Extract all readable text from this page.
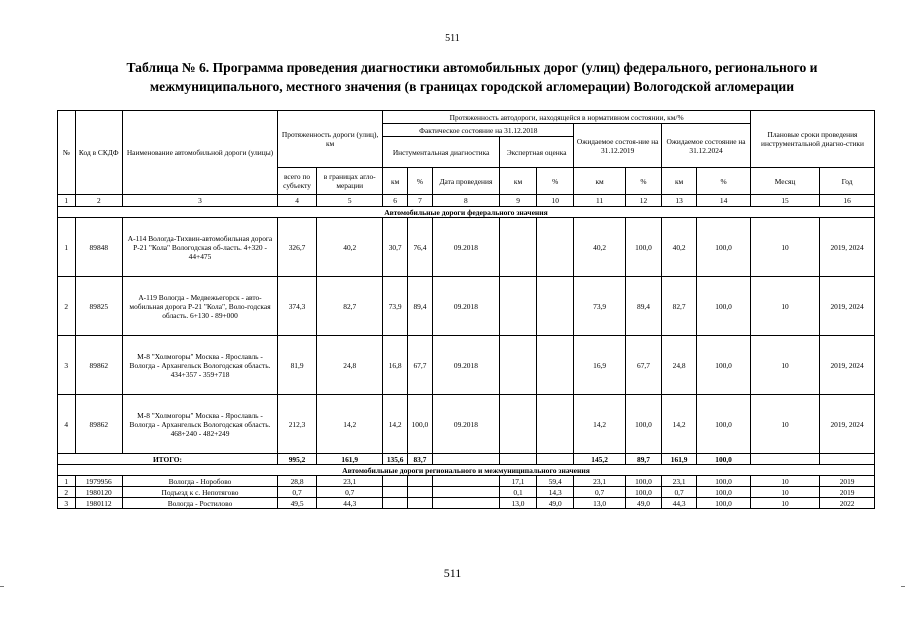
511
Таблица № 6. Программа проведения диагностики автомобильных дорог (улиц) федерального, регионального и межмуниципального, местного значения (в границах городской агломерации) Вологодской агломерации
№	Код в СКДФ	Наименование автомобильной дороги (улицы)	Протяженность дороги (улиц), км		Протяженность автодороги, находящейся в нормативном состоянии, км/%									Плановые сроки проведения инструментальной диагно-стики	
					Фактическое состояние на 31.12.2018					Ожидаемое состоя-ние на 31.12.2019		Ожидаемое состояние на 31.12.2024			
					Инстументальная диагностика			Экспертная оценка							
			всего по субъекту	в границах агло-мерации	км	%	Дата проведения	км	%	км	%	км	%	Месяц	Год
1	2	3	4	5	6	7	8	9	10	11	12	13	14	15	16
Автомобильные дороги федерального значения															
1	89848	А-114 Вологда-Тихвин-автомобильная дорога Р-21 "Кола" Вологодская об-ласть. 4+320 - 44+475	326,7	40,2	30,7	76,4	09.2018			40,2	100,0	40,2	100,0	10	2019, 2024
2	89825	А-119 Вологда - Медвежьегорск - авто-мобильная дорога Р-21 "Кола", Воло-годская область. 6+130 - 89+000	374,3	82,7	73,9	89,4	09.2018			73,9	89,4	82,7	100,0	10	2019, 2024
3	89862	М-8 "Холмогоры" Москва - Ярославль - Вологда - Архангельск Вологодская область. 434+357 - 359+718	81,9	24,8	16,8	67,7	09.2018			16,9	67,7	24,8	100,0	10	2019, 2024
4	89862	М-8 "Холмогоры" Москва - Ярославль - Вологда - Архангельск Вологодская область. 468+240 - 482+249	212,3	14,2	14,2	100,0	09.2018			14,2	100,0	14,2	100,0	10	2019, 2024
ИТОГО:			995,2	161,9	135,6	83,7				145,2	89,7	161,9	100,0		
Автомобильные дороги регионального и межмуниципального значения															
1	1979956	Вологда - Норобово	28,8	23,1				17,1	59,4	23,1	100,0	23,1	100,0	10	2019
2	1980120	Подъезд к с. Непотягово	0,7	0,7				0,1	14,3	0,7	100,0	0,7	100,0	10	2019
3	1980112	Вологда - Ростилово	49,5	44,3				13,0	49,0	13,0	49,0	44,3	100,0	10	2022
511
